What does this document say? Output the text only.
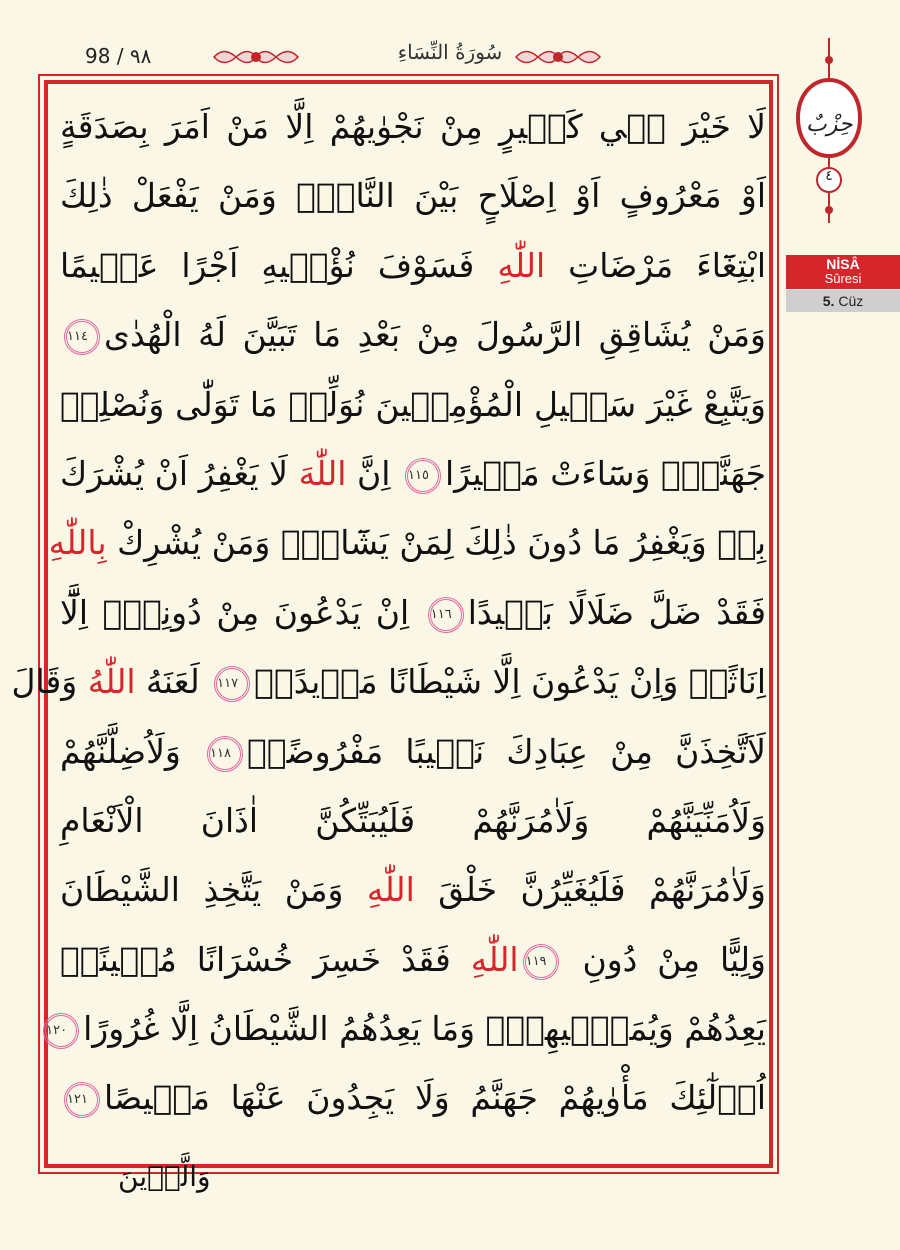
98 / ٩٨	سُورَةُ النِّسَاءِ
حِزْبٌ
٤
NİSÂ
Sûresi
5. Cüz
لَا خَيْرَ ف۪ي كَث۪يرٍ مِنْ نَجْوٰيهُمْ اِلَّا مَنْ اَمَرَ بِصَدَقَةٍ
اَوْ مَعْرُوفٍ اَوْ اِصْلَاحٍ بَيْنَ النَّاسِۜ وَمَنْ يَفْعَلْ ذٰلِكَ
ابْتِغَٓاءَ مَرْضَاتِ اللّٰهِ فَسَوْفَ نُؤْت۪يهِ اَجْرًا عَظ۪يمًا
وَمَنْ يُشَاقِقِ الرَّسُولَ مِنْ بَعْدِ مَا تَبَيَّنَ لَهُ الْهُدٰى١١٤
وَيَتَّبِعْ غَيْرَ سَب۪يلِ الْمُؤْمِن۪ينَ نُوَلِّه۪ مَا تَوَلّٰى وَنُصْلِه۪
جَهَنَّمَۜ وَسَٓاءَتْ مَص۪يرًا١١٥ اِنَّ اللّٰهَ لَا يَغْفِرُ اَنْ يُشْرَكَ
بِه۪ وَيَغْفِرُ مَا دُونَ ذٰلِكَ لِمَنْ يَشَٓاءُۜ وَمَنْ يُشْرِكْ بِاللّٰهِ
فَقَدْ ضَلَّ ضَلَالًا بَع۪يدًا١١٦ اِنْ يَدْعُونَ مِنْ دُونِه۪ٓ اِلَّٓا
اِنَاثًاۚ وَاِنْ يَدْعُونَ اِلَّا شَيْطَانًا مَر۪يدًاۙ١١٧ لَعَنَهُ اللّٰهُ وَقَالَ
لَاَتَّخِذَنَّ مِنْ عِبَادِكَ نَص۪يبًا مَفْرُوضًاۙ١١٨ وَلَاُضِلَّنَّهُمْ
وَلَاُمَنِّيَنَّهُمْ وَلَاٰمُرَنَّهُمْ فَلَيُبَتِّكُنَّ اٰذَانَ الْاَنْعَامِ
وَلَاٰمُرَنَّهُمْ فَلَيُغَيِّرُنَّ خَلْقَ اللّٰهِ وَمَنْ يَتَّخِذِ الشَّيْطَانَ
وَلِيًّا مِنْ دُونِ ١١٩اللّٰهِ فَقَدْ خَسِرَ خُسْرَانًا مُب۪ينًاۜ
يَعِدُهُمْ وَيُمَنّ۪يهِمْۜ وَمَا يَعِدُهُمُ الشَّيْطَانُ اِلَّا غُرُورًا١٢٠
اُو۬لٰٓئِكَ مَأْوٰيهُمْ جَهَنَّمُ وَلَا يَجِدُونَ عَنْهَا مَح۪يصًا١٢١
وَالَّذ۪ينَ
